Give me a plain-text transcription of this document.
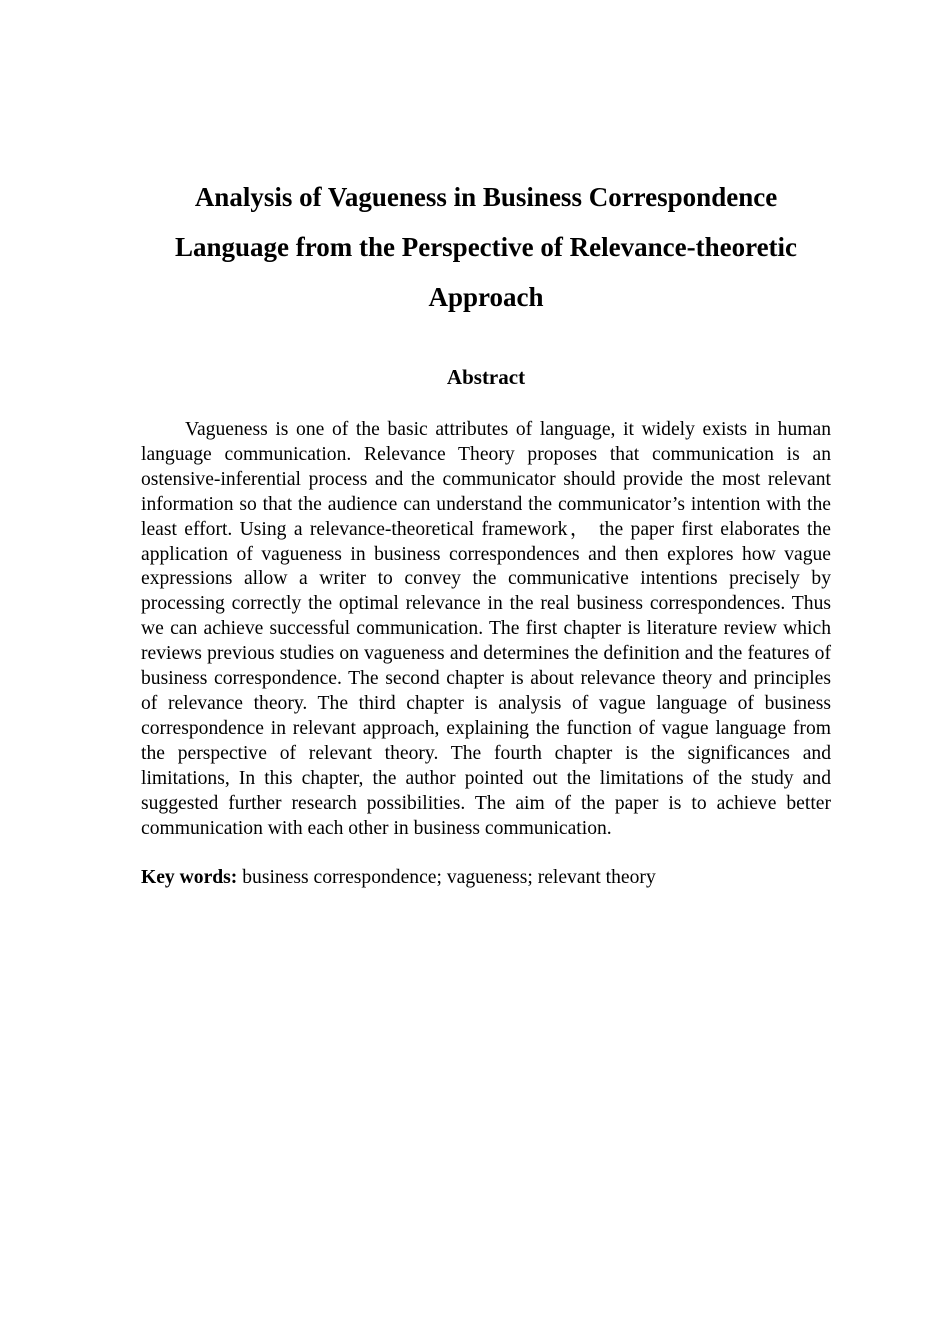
Analysis of Vagueness in Business Correspondence Language from the Perspective of Relevance-theoretic Approach
Abstract

Vagueness is one of the basic attributes of language, it widely exists in human language communication. Relevance Theory proposes that communication is an ostensive-inferential process and the communicator should provide the most relevant information so that the audience can understand the communicator’s intention with the least effort. Using a relevance-theoretical framework， the paper first elaborates the application of vagueness in business correspondences and then explores how vague expressions allow a writer to convey the communicative intentions precisely by processing correctly the optimal relevance in the real business correspondences. Thus we can achieve successful communication. The first chapter is literature review which reviews previous studies on vagueness and determines the definition and the features of business correspondence. The second chapter is about relevance theory and principles of relevance theory. The third chapter is analysis of vague language of business correspondence in relevant approach, explaining the function of vague language from the perspective of relevant theory. The fourth chapter is the significances and limitations, In this chapter, the author pointed out the limitations of the study and suggested further research possibilities. The aim of the paper is to achieve better communication with each other in business communication.

Key words: business correspondence; vagueness; relevant theory
